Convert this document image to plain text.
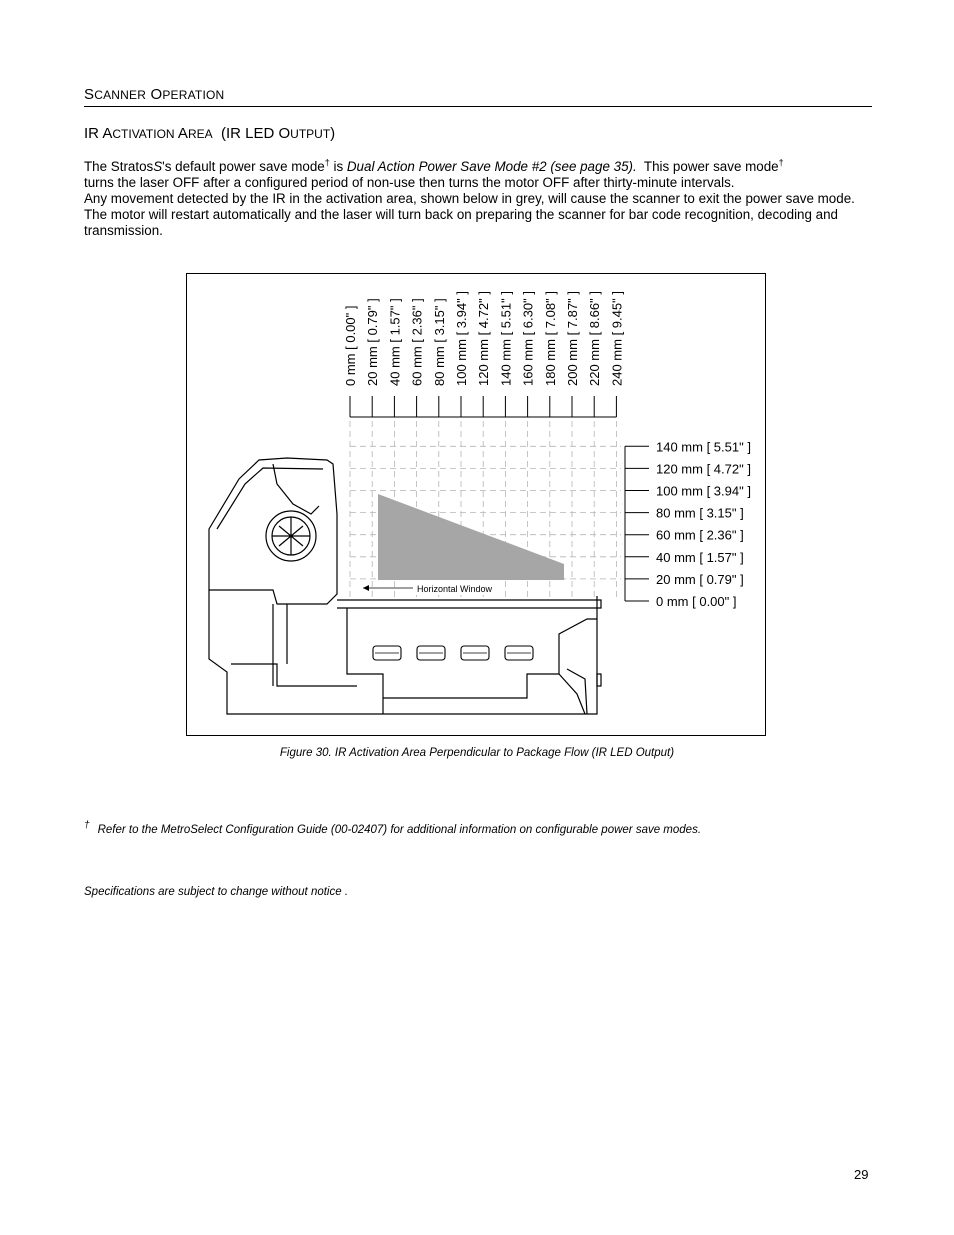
SCANNER OPERATION
IR ACTIVATION AREA  (IR LED OUTPUT)
The StratosS's default power save mode† is Dual Action Power Save Mode #2 (see page 35).  This power save mode†
turns the laser OFF after a configured period of non-use then turns the motor OFF after thirty-minute intervals.
Any movement detected by the IR in the activation area, shown below in grey, will cause the scanner to exit the power save mode. The motor will restart automatically and the laser will turn back on preparing the scanner for bar code recognition, decoding and transmission.
Horizontal Window
0 mm [ 0.00" ] 20 mm [ 0.79" ] 40 mm [ 1.57" ] 60 mm [ 2.36" ] 80 mm [ 3.15" ] 100 mm [ 3.94" ] 120 mm [ 4.72" ] 140 mm [ 5.51" ] 160 mm [ 6.30" ] 180 mm [ 7.08" ] 200 mm [ 7.87" ] 220 mm [ 8.66" ] 240 mm [ 9.45" ]
140 mm [ 5.51" ]
120 mm [ 4.72" ]
100 mm [ 3.94" ]
80 mm [ 3.15" ]
60 mm [ 2.36" ]
40 mm [ 1.57" ]
20 mm [ 0.79" ]
0 mm [ 0.00" ]
Figure 30. IR Activation Area Perpendicular to Package Flow (IR LED Output)
† Refer to the MetroSelect Configuration Guide (00-02407) for additional information on configurable power save modes.
Specifications are subject to change without notice .
29
